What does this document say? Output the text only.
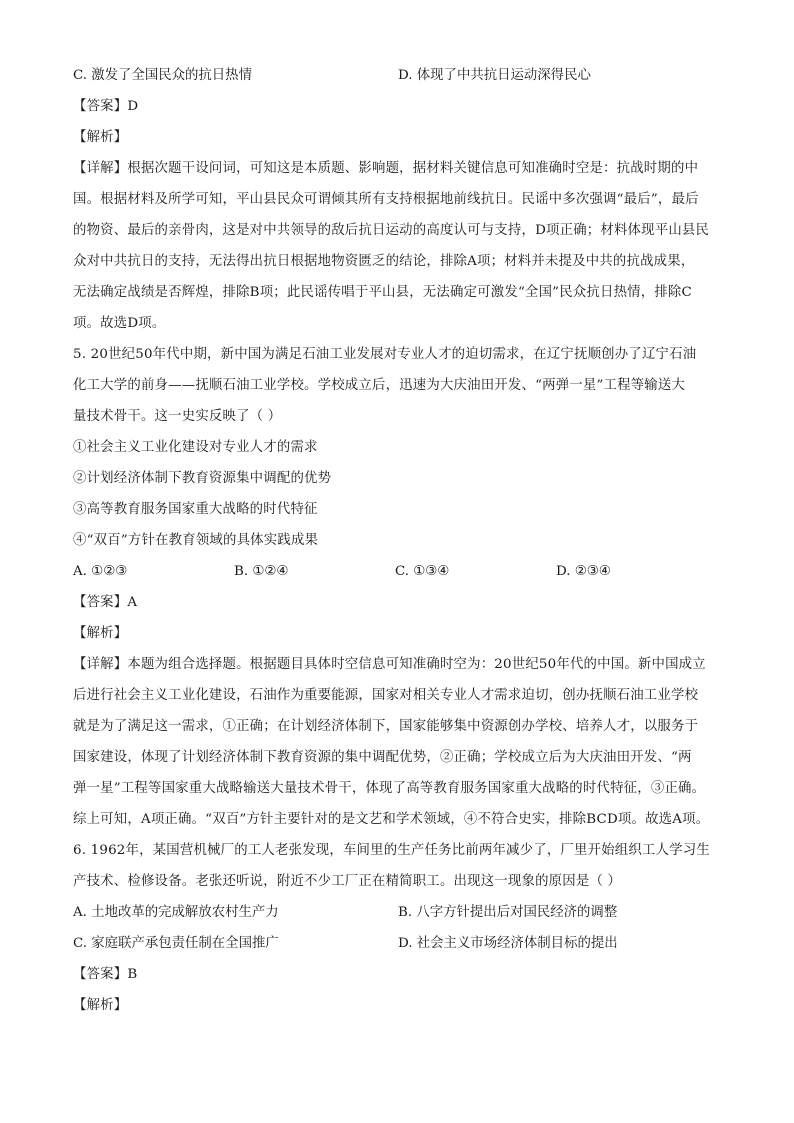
C. 激发了全国民众的抗日热情	D. 体现了中共抗日运动深得民心
【答案】D
【解析】
【详解】根据次题干设问词，可知这是本质题、影响题，据材料关键信息可知准确时空是：抗战时期的中
国。根据材料及所学可知，平山县民众可谓倾其所有支持根据地前线抗日。民谣中多次强调“最后”，最后
的物资、最后的亲骨肉，这是对中共领导的敌后抗日运动的高度认可与支持，D项正确；材料体现平山县民
众对中共抗日的支持，无法得出抗日根据地物资匮乏的结论，排除A项；材料并未提及中共的抗战成果，
无法确定战绩是否辉煌，排除B项；此民谣传唱于平山县，无法确定可激发“全国”民众抗日热情，排除C
项。故选D项。
5. 20世纪50年代中期，新中国为满足石油工业发展对专业人才的迫切需求，在辽宁抚顺创办了辽宁石油
化工大学的前身——抚顺石油工业学校。学校成立后，迅速为大庆油田开发、“两弹一星”工程等输送大
量技术骨干。这一史实反映了（ ）
①社会主义工业化建设对专业人才的需求
②计划经济体制下教育资源集中调配的优势
③高等教育服务国家重大战略的时代特征
④“双百”方针在教育领域的具体实践成果
A. ①②③	B. ①②④	C. ①③④	D. ②③④
【答案】A
【解析】
【详解】本题为组合选择题。根据题目具体时空信息可知准确时空为：20世纪50年代的中国。新中国成立
后进行社会主义工业化建设，石油作为重要能源，国家对相关专业人才需求迫切，创办抚顺石油工业学校
就是为了满足这一需求，①正确；在计划经济体制下，国家能够集中资源创办学校、培养人才，以服务于
国家建设，体现了计划经济体制下教育资源的集中调配优势，②正确；学校成立后为大庆油田开发、“两
弹一星”工程等国家重大战略输送大量技术骨干，体现了高等教育服务国家重大战略的时代特征，③正确。
综上可知，A项正确。“双百”方针主要针对的是文艺和学术领域，④不符合史实，排除BCD项。故选A项。
6. 1962年，某国营机械厂的工人老张发现，车间里的生产任务比前两年减少了，厂里开始组织工人学习生
产技术、检修设备。老张还听说，附近不少工厂正在精简职工。出现这一现象的原因是（ ）
A. 土地改革的完成解放农村生产力	B. 八字方针提出后对国民经济的调整
C. 家庭联产承包责任制在全国推广	D. 社会主义市场经济体制目标的提出
【答案】B
【解析】
